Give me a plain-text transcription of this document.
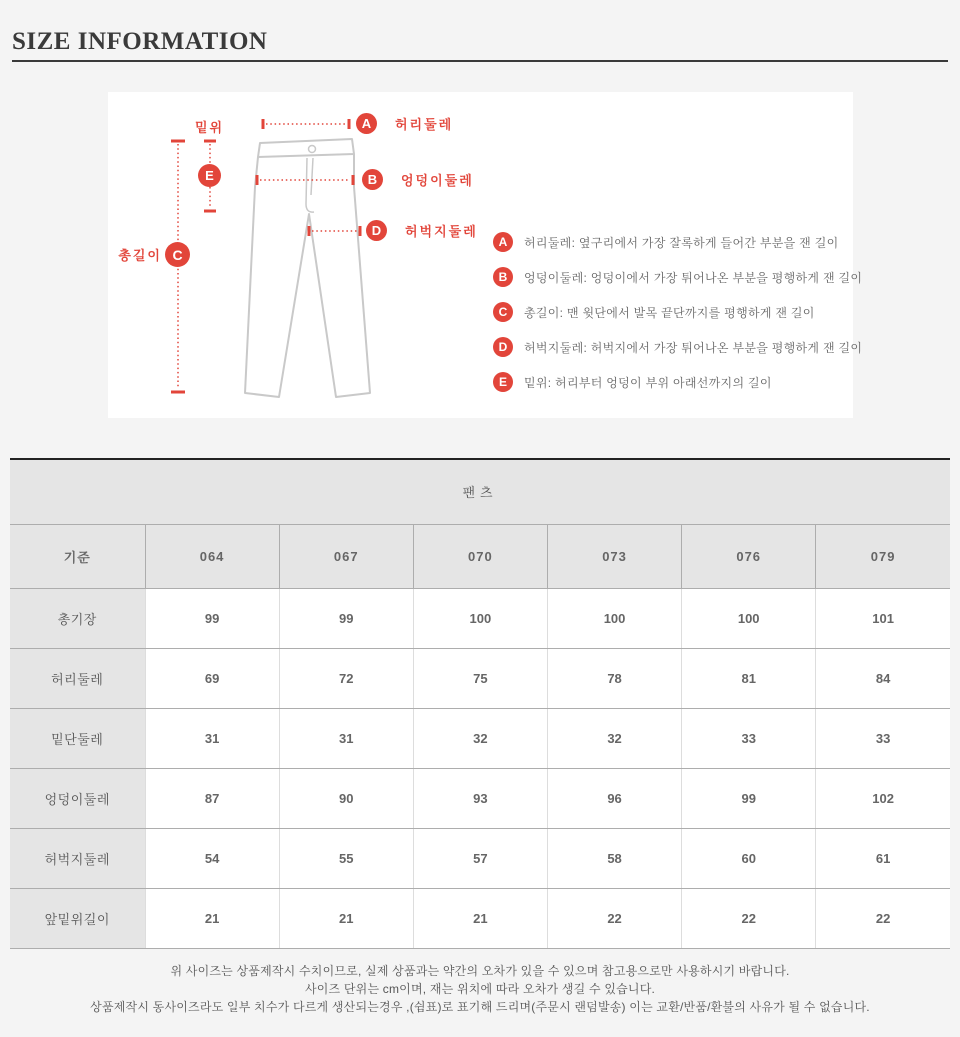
SIZE INFORMATION
A
B
D
E
C
허리둘레
엉덩이둘레
허벅지둘레
밑위
총길이
A	허리둘레: 옆구리에서 가장 잘록하게 들어간 부분을 잰 길이
B	엉덩이둘레: 엉덩이에서 가장 튀어나온 부분을 평행하게 잰 길이
C	총길이: 맨 윗단에서 발목 끝단까지를 평행하게 잰 길이
D	허벅지둘레: 허벅지에서 가장 튀어나온 부분을 평행하게 잰 길이
E	밑위: 허리부터 엉덩이 부위 아래선까지의 길이
팬츠						
기준	064	067	070	073	076	079
총기장	99	99	100	100	100	101
허리둘레	69	72	75	78	81	84
밑단둘레	31	31	32	32	33	33
엉덩이둘레	87	90	93	96	99	102
허벅지둘레	54	55	57	58	60	61
앞밑위길이	21	21	21	22	22	22

위 사이즈는 상품제작시 수치이므로, 실제 상품과는 약간의 오차가 있을 수 있으며 참고용으로만 사용하시기 바랍니다.

사이즈 단위는 cm이며, 재는 위치에 따라 오차가 생길 수 있습니다.

상품제작시 동사이즈라도 일부 치수가 다르게 생산되는경우 ,(쉼표)로 표기해 드리며(주문시 랜덤발송) 이는 교환/반품/환불의 사유가 될 수 없습니다.
